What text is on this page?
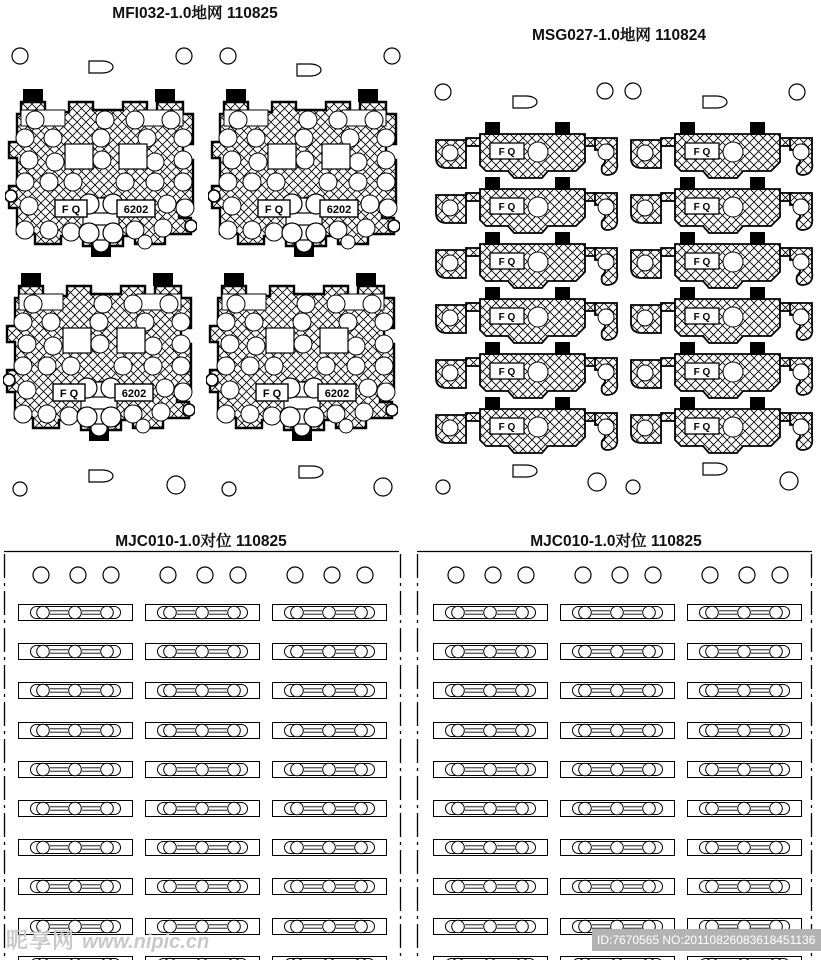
MFI032-1.0地网 110825
MSG027-1.0地网 110824
MJC010-1.0对位 110825	MJC010-1.0对位 110825
昵享网 www.nipic.cn	ID:7670565 NO:20110826083618451136
